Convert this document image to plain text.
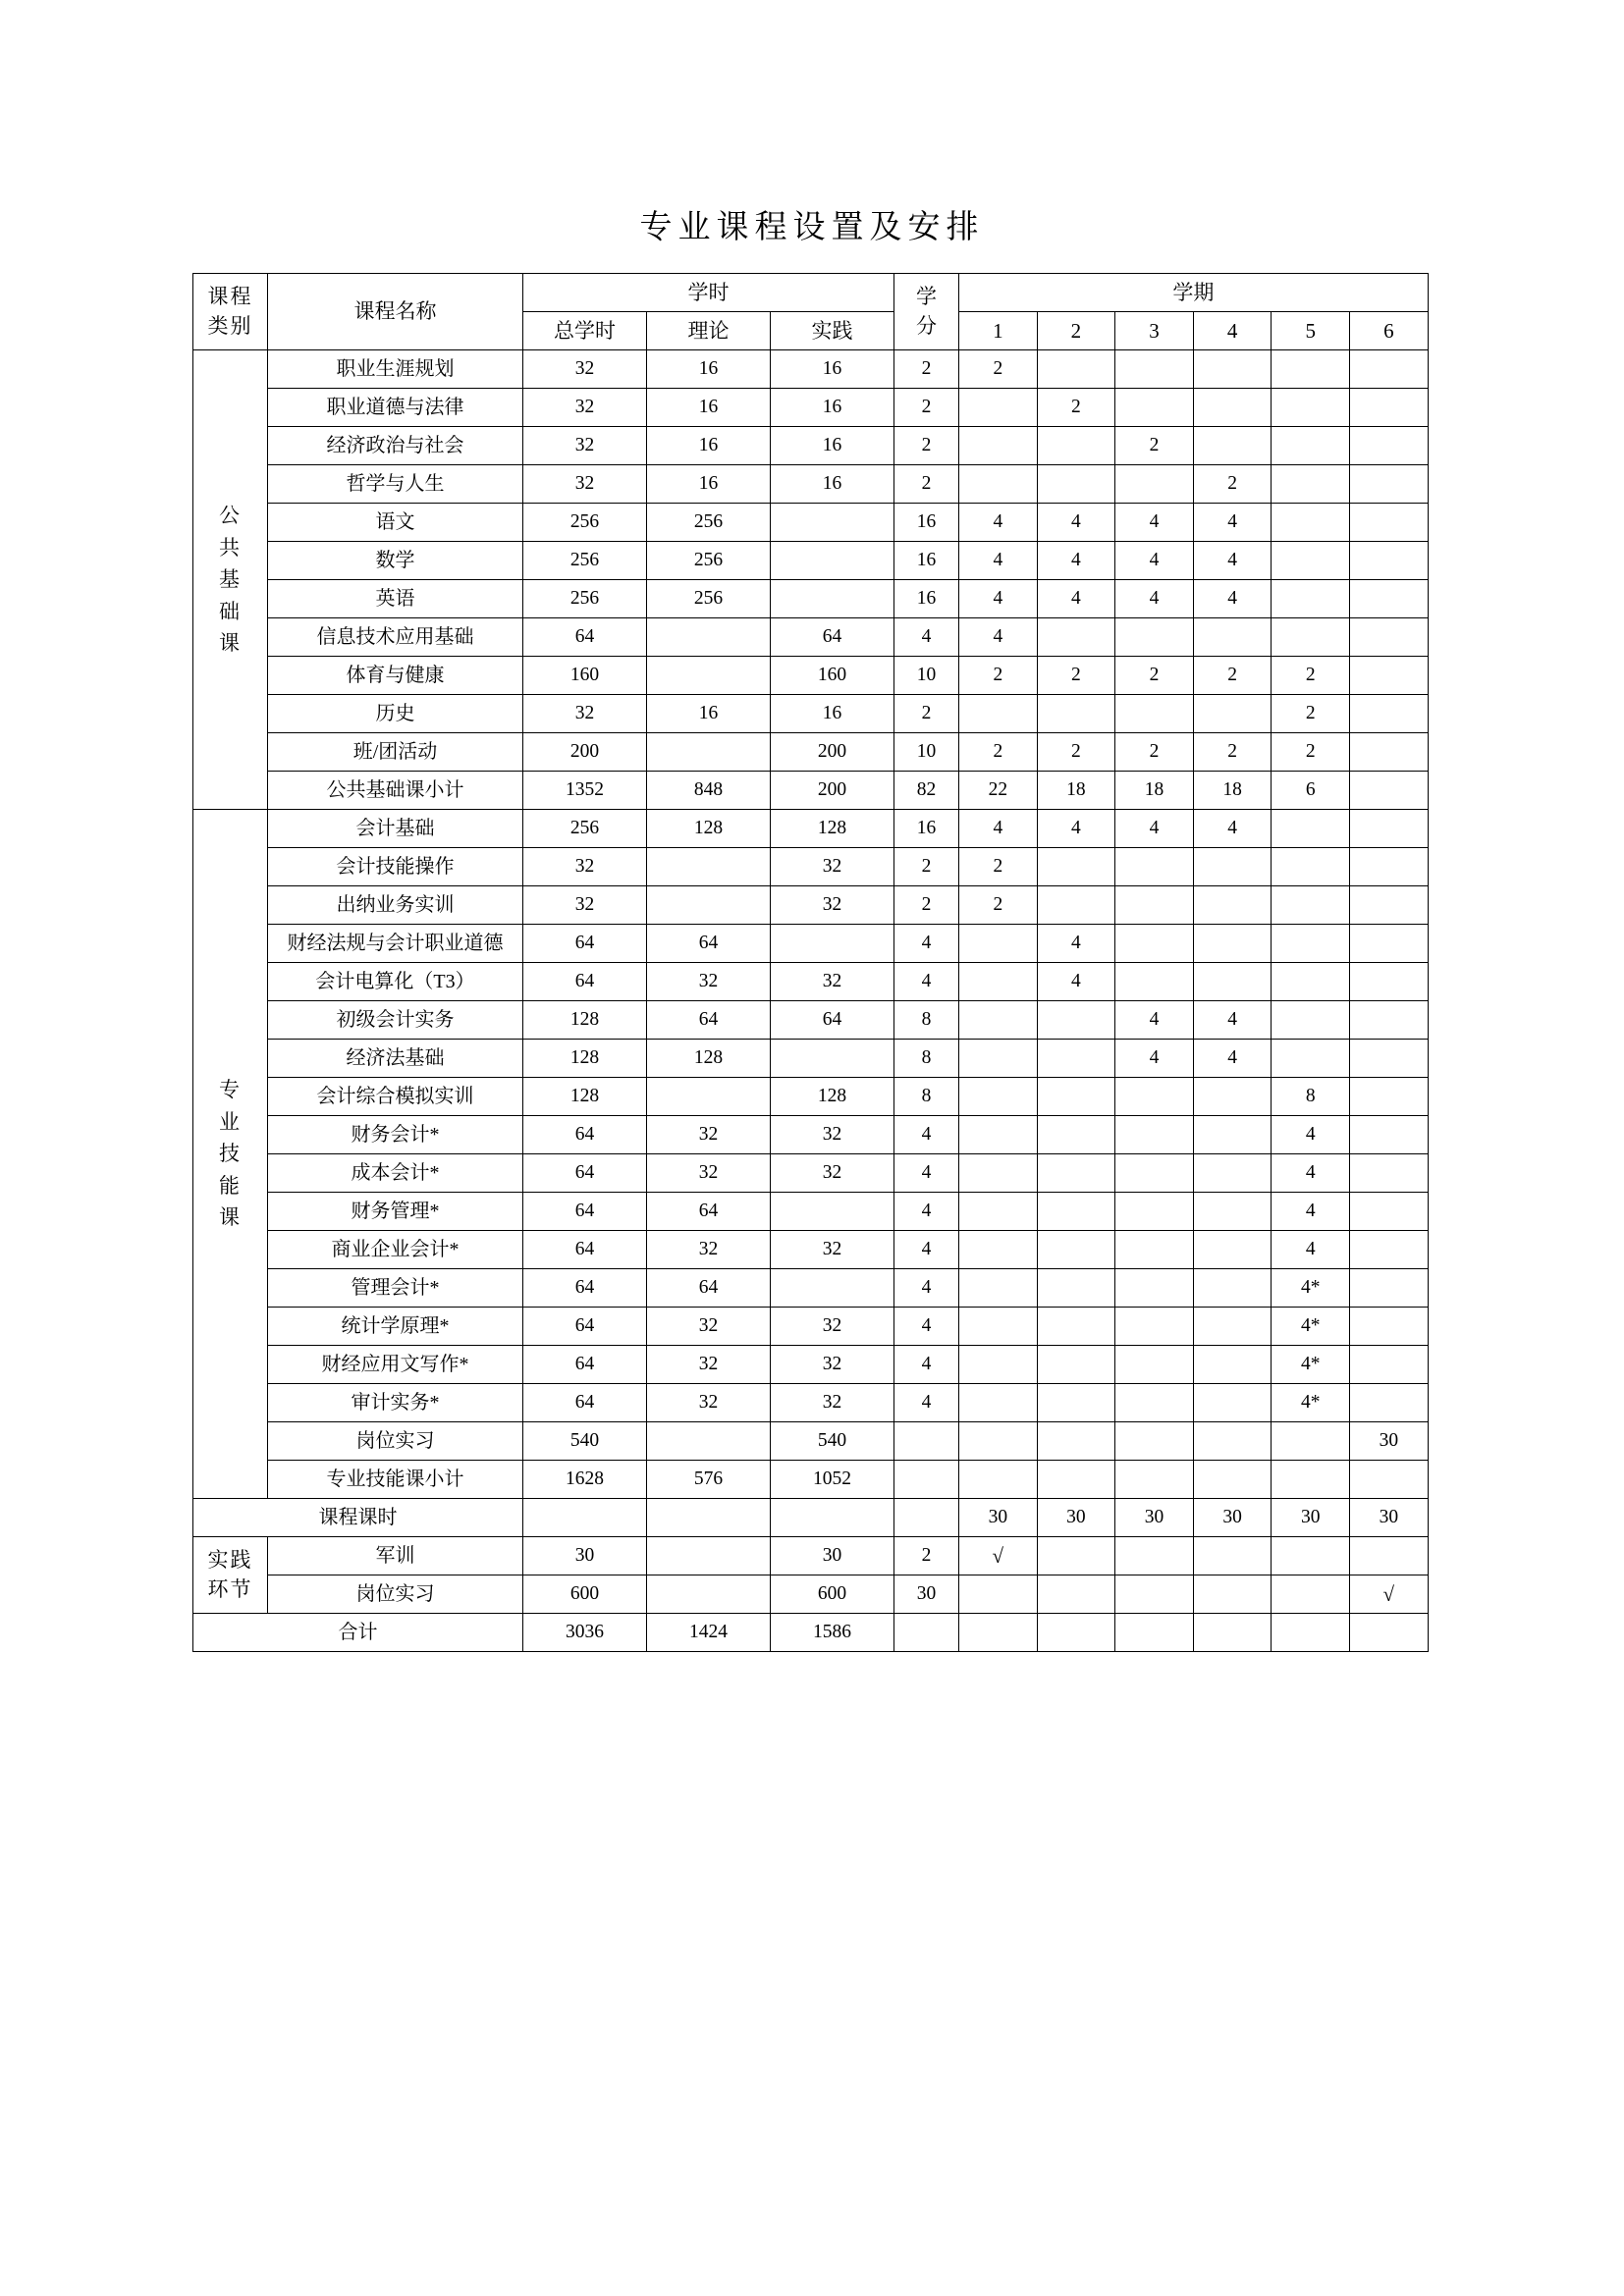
专业课程设置及安排
课程
类别	课程名称	学时			学
分	学期					
		总学时	理论	实践		1	2	3	4	5	6

公
共
基
础
课	职业生涯规划	32	16	16	2	2					
	职业道德与法律	32	16	16	2		2				
	经济政治与社会	32	16	16	2			2			
	哲学与人生	32	16	16	2				2		
	语文	256	256		16	4	4	4	4		
	数学	256	256		16	4	4	4	4		
	英语	256	256		16	4	4	4	4		
	信息技术应用基础	64		64	4	4					
	体育与健康	160		160	10	2	2	2	2	2	
	历史	32	16	16	2					2	
	班/团活动	200		200	10	2	2	2	2	2	
	公共基础课小计	1352	848	200	82	22	18	18	18	6	

专
业
技
能
课	会计基础	256	128	128	16	4	4	4	4		
	会计技能操作	32		32	2	2					
	出纳业务实训	32		32	2	2					
	财经法规与会计职业道德	64	64		4		4				
	会计电算化（T3）	64	32	32	4		4				
	初级会计实务	128	64	64	8			4	4		
	经济法基础	128	128		8			4	4		
	会计综合模拟实训	128		128	8					8	
	财务会计*	64	32	32	4					4	
	成本会计*	64	32	32	4					4	
	财务管理*	64	64		4					4	
	商业企业会计*	64	32	32	4					4	
	管理会计*	64	64		4					4*	
	统计学原理*	64	32	32	4					4*	
	财经应用文写作*	64	32	32	4					4*	
	审计实务*	64	32	32	4					4*	
	岗位实习	540		540							30
	专业技能课小计	1628	576	1052							
课程课时						30	30	30	30	30	30
实践
环节	军训	30		30	2	√					
	岗位实习	600		600	30						√
合计		3036	1424	1586							
